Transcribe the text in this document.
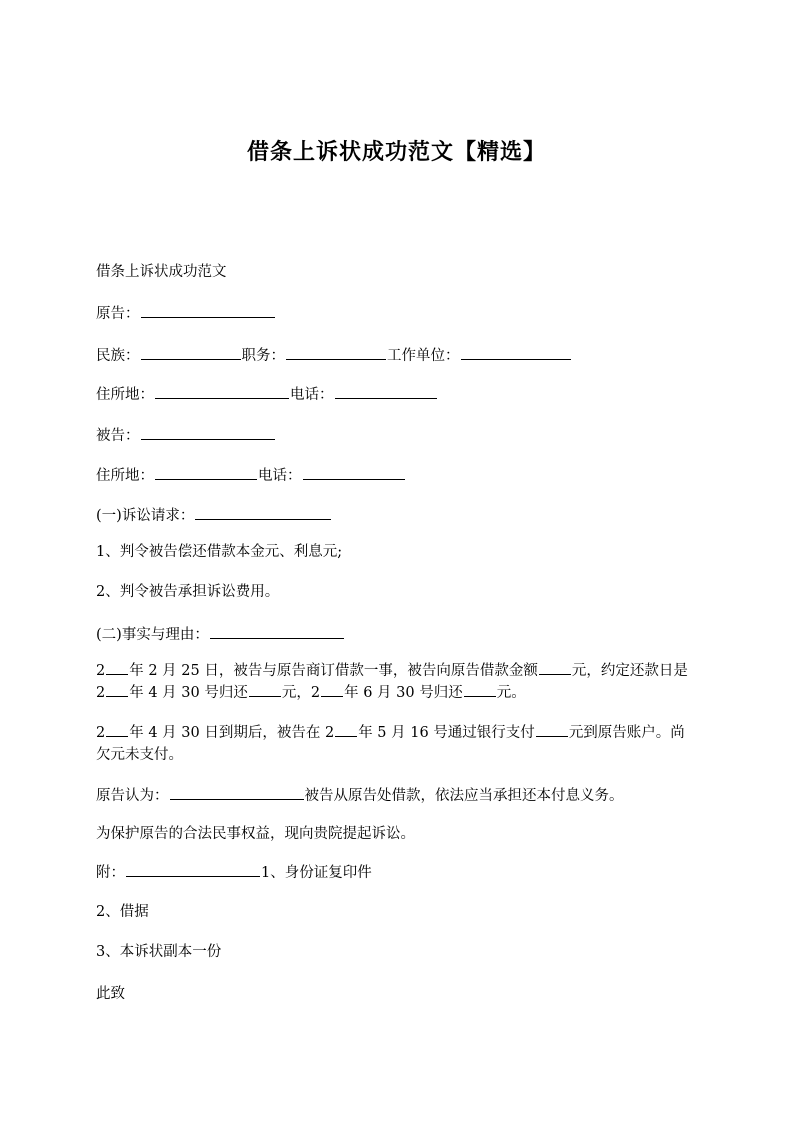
借条上诉状成功范文【精选】
借条上诉状成功范文
原告：
民族：	职务：	工作单位：
住所地：	电话：
被告：
住所地：	电话：
(一)诉讼请求：
1、判令被告偿还借款本金元、利息元;
2、判令被告承担诉讼费用。
(二)事实与理由：
2 年 2 月 25 日，被告与原告商订借款一事，被告向原告借款金额 元，约定还款日是 2 年 4 月 30 号归还 元，2 年 6 月 30 号归还 元。
2 年 4 月 30 日到期后，被告在 2 年 5 月 16 号通过银行支付 元到原告账户。尚欠元未支付。
原告认为：	被告从原告处借款，依法应当承担还本付息义务。
为保护原告的合法民事权益，现向贵院提起诉讼。
附：	1、身份证复印件
2、借据
3、本诉状副本一份
此致
